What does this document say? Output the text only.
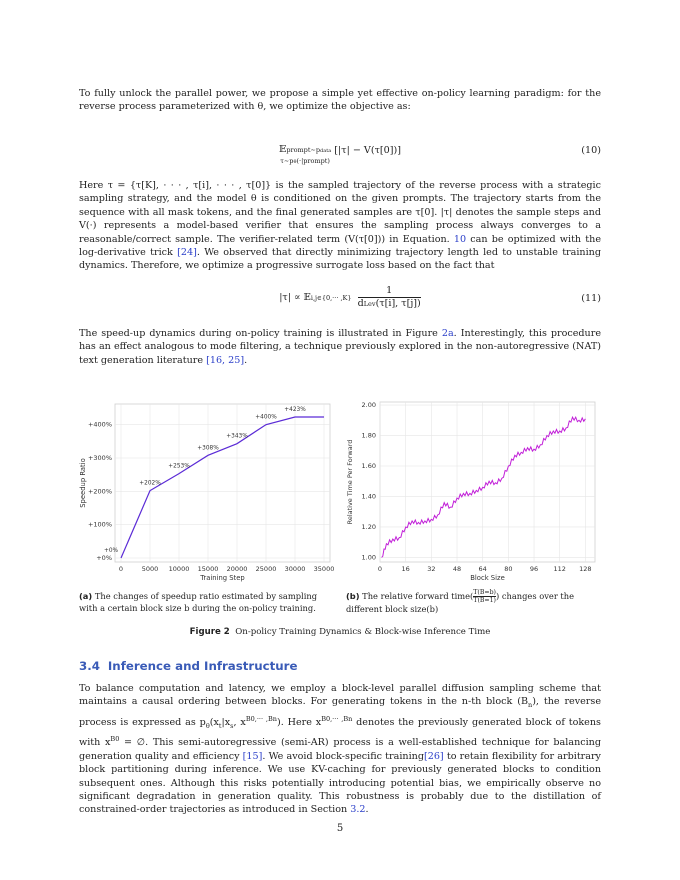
To fully unlock the parallel power, we propose a simple yet effective on-policy learning paradigm: for the reverse process parameterized with θ, we optimize the objective as:

𝔼prompt∼pdata
τ∼pθ(·|prompt) [|τ| − V(τ[0])]	(10)

Here τ = {τ[K], · · · , τ[i], · · · , τ[0]} is the sampled trajectory of the reverse process with a strategic sampling strategy, and the model θ is conditioned on the given prompts. The trajectory starts from the sequence with all mask tokens, and the final generated samples are τ[0]. |τ| denotes the sample steps and V(·) represents a model-based verifier that ensures the sampling process always converges to a reasonable/correct sample. The verifier-related term (V(τ[0])) in Equation. 10 can be optimized with the log-derivative trick [24]. We observed that directly minimizing trajectory length led to unstable training dynamics. Therefore, we optimize a progressive surrogate loss based on the fact that

|τ| ∝ 𝔼i,j∈{0,··· ,K}
1
dLev(τ[i], τ[j])	(11)

The speed-up dynamics during on-policy training is illustrated in Figure 2a. Interestingly, this procedure has an effect analogous to mode filtering, a technique previously explored in the non-autoregressive (NAT) text generation literature [16, 25].

0	5000 10000 15000 20000 25000 30000 35000
+0%
+100%
+200%
+300%
+400%
Training Step
Speedup Ratio
+0%
+202%
+253%
+308%
+343%
+400%
+423%
0	16	32	48	64	80	96 112 128
1.00
1.20
1.40
1.60
1.80
2.00
Block Size
Relative Time Per Forward
(a) The changes of speedup ratio estimated by sampling with a certain block size b during the on-policy training.
(b) The relative forward time( $\frac{T(B=b)}{T(B=1)}$) changes over the different block size(b)
Figure 2 On-policy Training Dynamics & Block-wise Inference Time
3.4 Inference and Infrastructure

To balance computation and latency, we employ a block-level parallel diffusion sampling scheme that maintains a causal ordering between blocks. For generating tokens in the n-th block $(B_n)$, the reverse process is expressed as $p_\theta(x_t|x_s$, $x^{B0,\cdot\cdot\cdot ,Bn}$). Here $x^{B0,\cdot\cdot\cdot ,Bn}$ denotes the previously generated block of tokens with $x^{B0}$ = ∅. This semi-autoregressive (semi-AR) process is a well-established technique for balancing generation quality and efficiency [15]. We avoid block-specific training[26] to retain flexibility for arbitrary block partitioning during inference. We use KV-caching for previously generated blocks to condition subsequent ones. Although this risks potentially introducing potential bias, we empirically observe no significant degradation in generation quality. This robustness is probably due to the distillation of constrained-order trajectories as introduced in Section 3.2.

5
